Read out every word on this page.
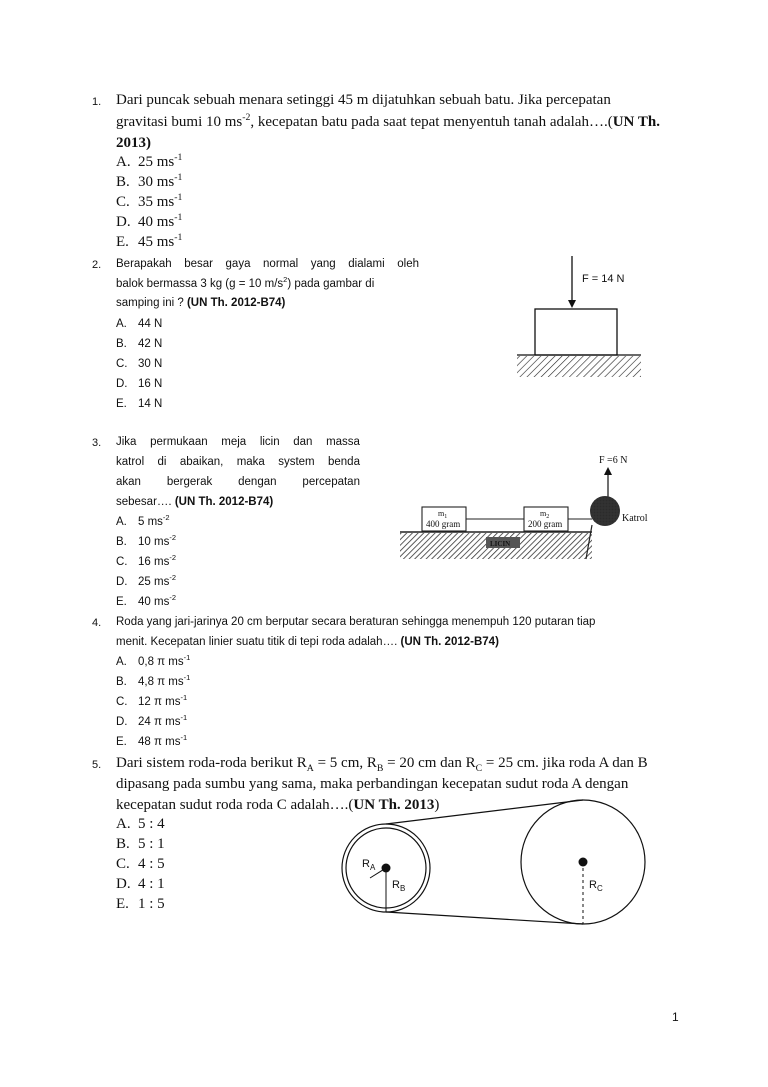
1. Dari puncak sebuah menara setinggi 45 m dijatuhkan sebuah batu. Jika percepatan
gravitasi bumi 10 $ms^{-2}$, kecepatan batu pada saat tepat menyentuh tanah adalah….(UN Th.
2013)
A. 25 $ms^{-1}$
B. 30 $ms^{-1}$
C. 35 $ms^{-1}$
D. 40 $ms^{-1}$
E. 45 $ms^{-1}$
2. Berapakah besar gaya normal yang dialami oleh
balok bermassa 3 kg (g = 10 $m/s^2$) pada gambar di
samping ini ? (UN Th. 2012-B74)
A. 44 N
B. 42 N
C. 30 N
D. 16 N
E. 14 N
F = 14 N
3. Jika permukaan meja licin dan massa
katrol di abaikan, maka system benda
akan bergerak dengan percepatan
sebesar…. (UN Th. 2012-B74)
A. 5 $ms^{-2}$
B. 10 $ms^{-2}$
C. 16 $ms^{-2}$
D. 25 $ms^{-2}$
E. 40 $ms^{-2}$
F =6 N
Katrol
$m_1$
400 gram
$m_2$
200 gram
LICIN
4. Roda yang jari-jarinya 20 cm berputar secara beraturan sehingga menempuh 120 putaran tiap
menit. Kecepatan linier suatu titik di tepi roda adalah…. (UN Th. 2012-B74)
A. 0,8 π $ms^{-1}$
B. 4,8 π $ms^{-1}$
C. 12 π $ms^{-1}$
D. 24 π $ms^{-1}$
E. 48 π $ms^{-1}$
5. Dari sistem roda-roda berikut $R_A = 5$ cm, $R_B = 20$ cm dan $R_C = 25$ cm. jika roda A dan B
dipasang pada sumbu yang sama, maka perbandingan kecepatan sudut roda A dengan
kecepatan sudut roda roda C adalah….(UN Th. 2013)
A. 5 : 4
B. 5 : 1
C. 4 : 5
D. 4 : 1
E. 1 : 5
$R_A$
$R_B$	$R_C$
1
